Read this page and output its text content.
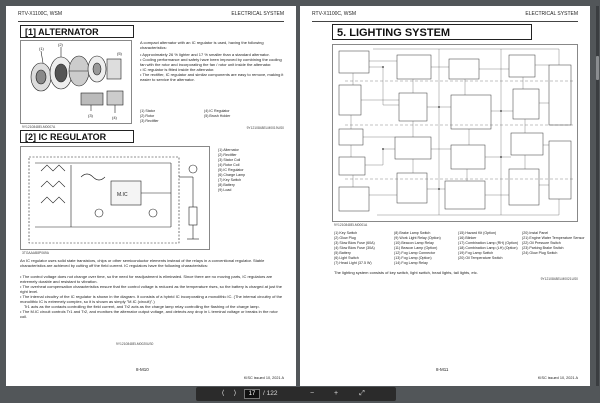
RTV-X1100C, WSM	ELECTRICAL SYSTEM
[1] ALTERNATOR
(1)
(2)
(3)	(4)
(5)
9Y1210848ELM0007A
A compact alternator with an IC regulator is used, having the following characteristics:
• Approximately 26 % lighter and 17 % smaller than a standard alternator.
• Cooling performance and safety have been improved by combining the cooling fan with the rotor and incorporating the fan / rotor unit inside the alternator.
• IC regulator is fitted inside the alternator.
• The rectifier, IC regulator and similar components are easy to remove, making it easier to service the alternator.
(1) Stator
(2) Rotor
(3) Rectifier
(4) IC Regulator
(5) Brush Holder
9Y1210848ELM0019US0
[2] IC REGULATOR
M.IC
3TGAAAB8P069A
(1) Alternator
(2) Rectifier
(3) Stator Coil
(4) Rotor Coil
(5) IC Regulator
(6) Charge Lamp
(7) Key Switch
(8) Battery
(9) Load
An IC regulator uses solid state transistors, chips or other semiconductor elements instead of the relays in a conventional regulator. Stable characteristics are achieved by cutting off the field current. IC regulators have the following characteristics:
• The control voltage does not change over time, so the need for readjustment is eliminated. Since there are no moving parts, IC regulators are extremely durable and resistant to vibration.
• The overheat compensation characteristics ensure that the control voltage is reduced as the temperature rises, so the battery is charged at just the right level.
• The internal circuitry of the IC regulator is shown in the diagram. It consists of a hybrid IC incorporating a monolithic IC. (The internal circuitry of the monolithic IC is extremely complex, so it is shown as simply "M.IC (circuit)".)
Tr1 acts as the contacts controlling the field current, and Tr2 acts as the charge lamp relay controlling the flashing of the charge lamp.
• The M.IC circuit controls Tr1 and Tr2, and monitors the alternator output voltage, and detects any drop in L terminal voltage or breaks in the rotor coil.
9Y1210848ELM0020US0
8-M10
KISC issued 10, 2021 A
RTV-X1100C, WSM	ELECTRICAL SYSTEM
5. LIGHTING SYSTEM
9Y1210848ELM0001A
(1) Key Switch
(2) Glow Plug
(3) Slow Blow Fuse (60A)
(4) Slow Blow Fuse (30A)
(5) Battery
(6) Light Switch
(7) Head Light (37.5 W)
(8) Brake Lamp Switch
(9) Work Light Relay (Option)
(10) Beacon Lamp Relay
(11) Beacon Lamp (Option)
(12) Fog Lamp Connector
(13) Fog Lamp (Option)
(14) Fog Lamp Relay
(15) Hazard Kit (Option)
(16) Blinker
(17) Combination Lamp (RH) (Option)
(18) Combination Lamp (LH) (Option)
(19) Fog Lamp Switch
(20) Oil Temperature Switch
(20) Instal Panel
(21) Engine Water Temperature Sensor
(22) Oil Pressure Switch
(23) Parking Brake Switch
(24) Glow Plug Switch
The lighting system consists of key switch, light switch, head lights, tail lights, etc.
9Y1210848ELM0021US0
8-M11
KISC issued 10, 2021 A
⟨	⟩	17	/ 122	−	+	⤢
